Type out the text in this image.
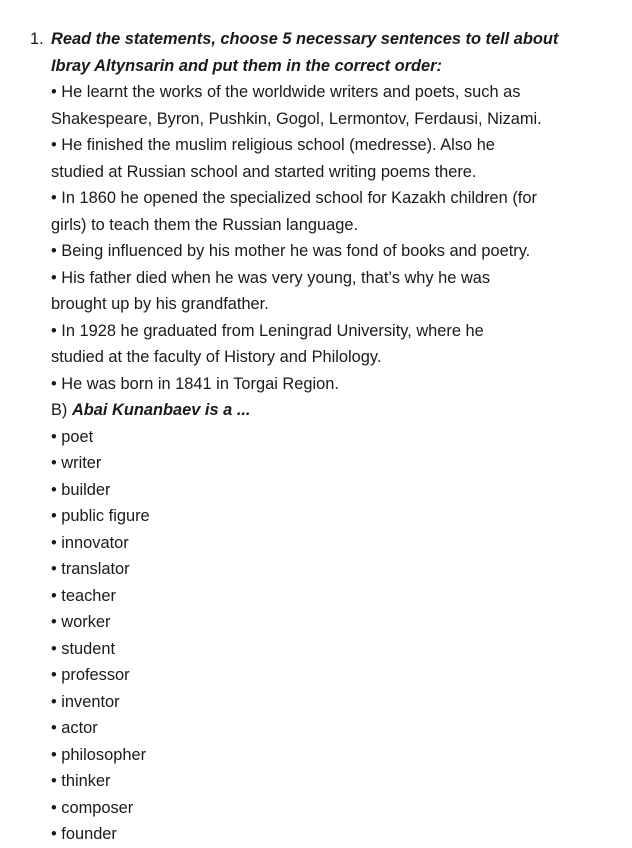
1. Read the statements, choose 5 necessary sentences to tell about
Ibray Altynsarin and put them in the correct order:
• He learnt the works of the worldwide writers and poets, such as
Shakespeare, Byron, Pushkin, Gogol, Lermontov, Ferdausi, Nizami.
• He finished the muslim religious school (medresse). Also he
studied at Russian school and started writing poems there.
• In 1860 he opened the specialized school for Kazakh children (for
girls) to teach them the Russian language.
• Being influenced by his mother he was fond of books and poetry.
• His father died when he was very young, that’s why he was
brought up by his grandfather.
• In 1928 he graduated from Leningrad University, where he
studied at the faculty of History and Philology.
• He was born in 1841 in Torgai Region.
B) Abai Kunanbaev is a ...
• poet
• writer
• builder
• public figure
• innovator
• translator
• teacher
• worker
• student
• professor
• inventor
• actor
• philosopher
• thinker
• composer
• founder
